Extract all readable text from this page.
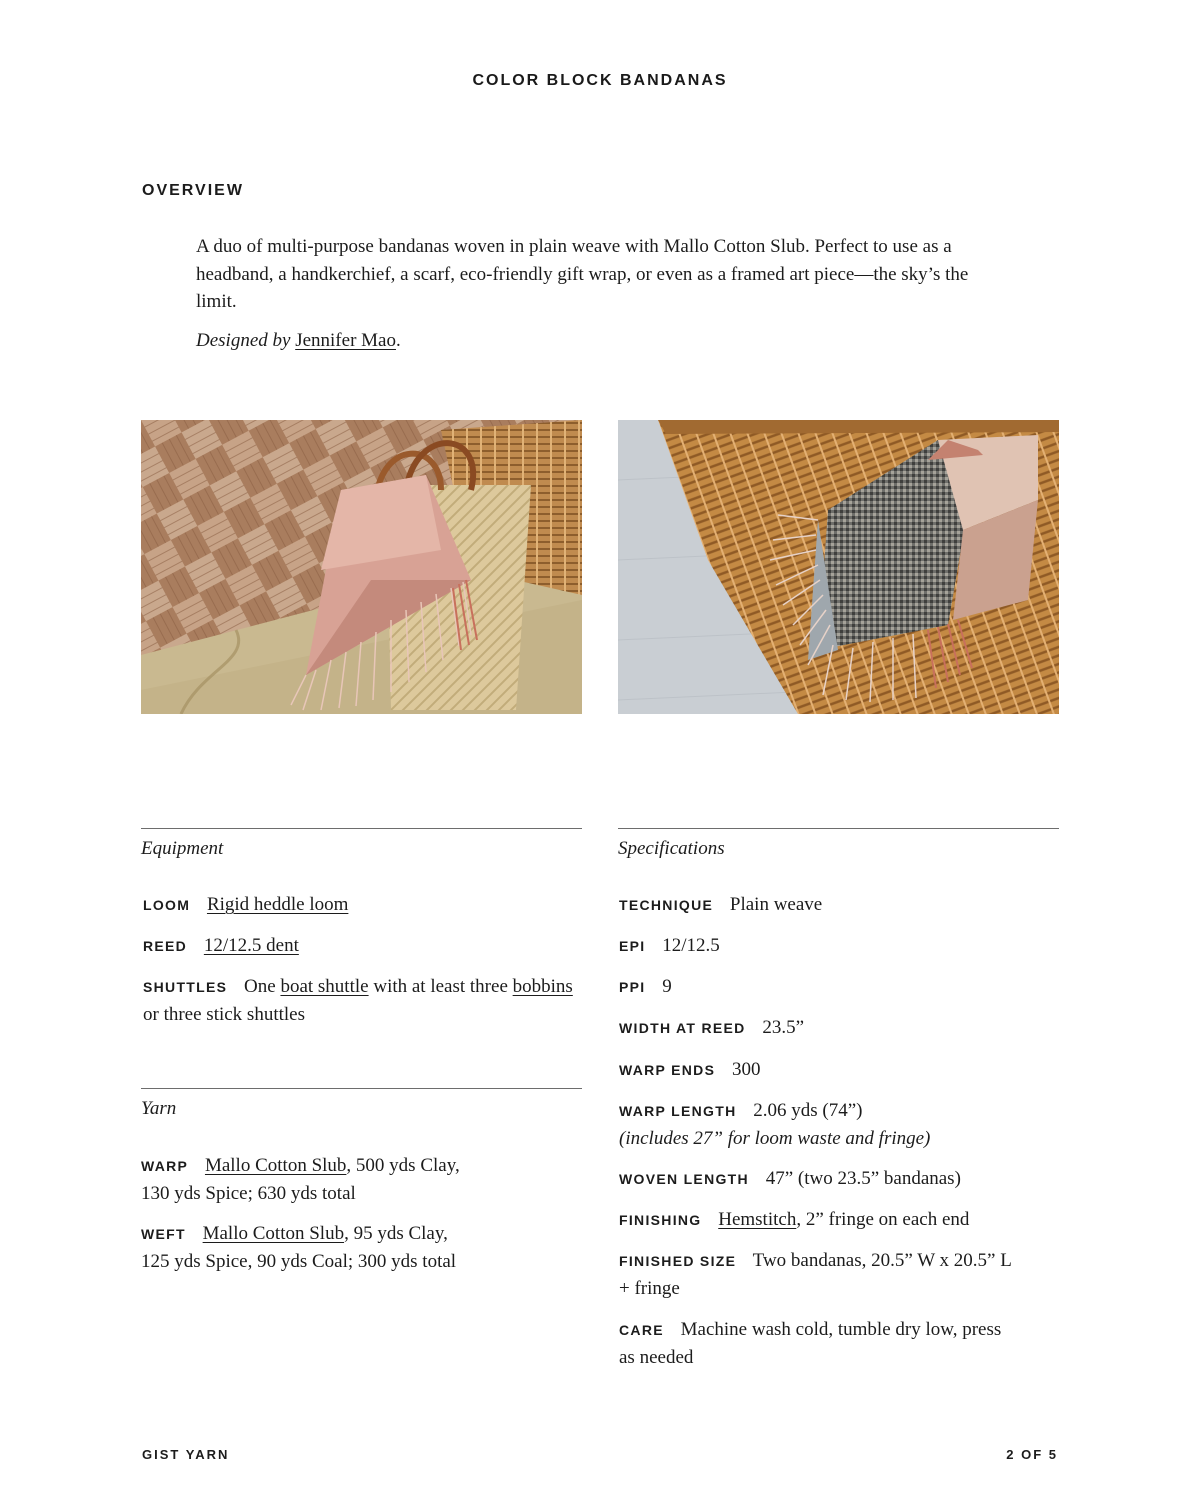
COLOR BLOCK BANDANAS
OVERVIEW

A duo of multi-purpose bandanas woven in plain weave with Mallo Cotton Slub. Perfect to use as a headband, a handkerchief, a scarf, eco-friendly gift wrap, or even as a framed art piece—the sky’s the limit.

Designed by Jennifer Mao.

Equipment
LOOM Rigid heddle loom
REED 12/12.5 dent
SHUTTLES One boat shuttle with at least three bobbins or three stick shuttles
Yarn
WARP Mallo Cotton Slub, 500 yds Clay,
130 yds Spice; 630 yds total
WEFT Mallo Cotton Slub, 95 yds Clay,
125 yds Spice, 90 yds Coal; 300 yds total
Specifications
TECHNIQUE Plain weave
EPI 12/12.5
PPI 9
WIDTH AT REED 23.5”
WARP ENDS 300
WARP LENGTH 2.06 yds (74”)
(includes 27” for loom waste and fringe)
WOVEN LENGTH 47” (two 23.5” bandanas)
FINISHING Hemstitch, 2” fringe on each end
FINISHED SIZE Two bandanas, 20.5” W x 20.5” L
+ fringe
CARE Machine wash cold, tumble dry low, press
as needed
GIST YARN	2 OF 5
